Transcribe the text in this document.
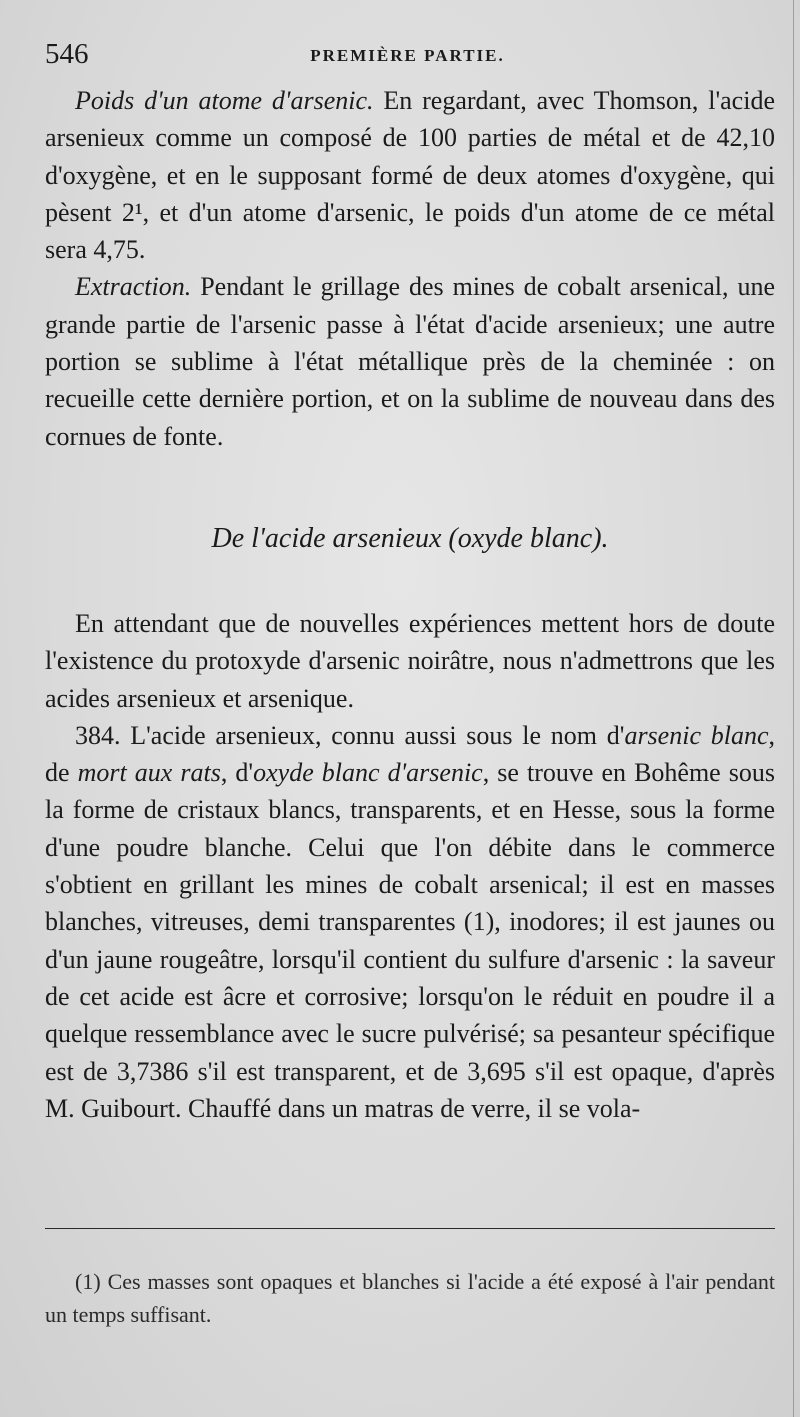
546	PREMIÈRE PARTIE.

Poids d'un atome d'arsenic. En regardant, avec Thomson, l'acide arsenieux comme un composé de 100 parties de métal et de 42,10 d'oxygène, et en le supposant formé de deux atomes d'oxygène, qui pèsent 2¹, et d'un atome d'arsenic, le poids d'un atome de ce métal sera 4,75.

Extraction. Pendant le grillage des mines de cobalt arsenical, une grande partie de l'arsenic passe à l'état d'acide arsenieux; une autre portion se sublime à l'état métallique près de la cheminée : on recueille cette dernière portion, et on la sublime de nouveau dans des cornues de fonte.

De l'acide arsenieux (oxyde blanc).

En attendant que de nouvelles expériences mettent hors de doute l'existence du protoxyde d'arsenic noirâtre, nous n'admettrons que les acides arsenieux et arsenique.

384. L'acide arsenieux, connu aussi sous le nom d'arsenic blanc, de mort aux rats, d'oxyde blanc d'arsenic, se trouve en Bohême sous la forme de cristaux blancs, transparents, et en Hesse, sous la forme d'une poudre blanche. Celui que l'on débite dans le commerce s'obtient en grillant les mines de cobalt arsenical; il est en masses blanches, vitreuses, demi transparentes (1), inodores; il est jaunes ou d'un jaune rougeâtre, lorsqu'il contient du sulfure d'arsenic : la saveur de cet acide est âcre et corrosive; lorsqu'on le réduit en poudre il a quelque ressemblance avec le sucre pulvérisé; sa pesanteur spécifique est de 3,7386 s'il est transparent, et de 3,695 s'il est opaque, d'après M. Guibourt. Chauffé dans un matras de verre, il se vola-

(1) Ces masses sont opaques et blanches si l'acide a été exposé à l'air pendant un temps suffisant.
